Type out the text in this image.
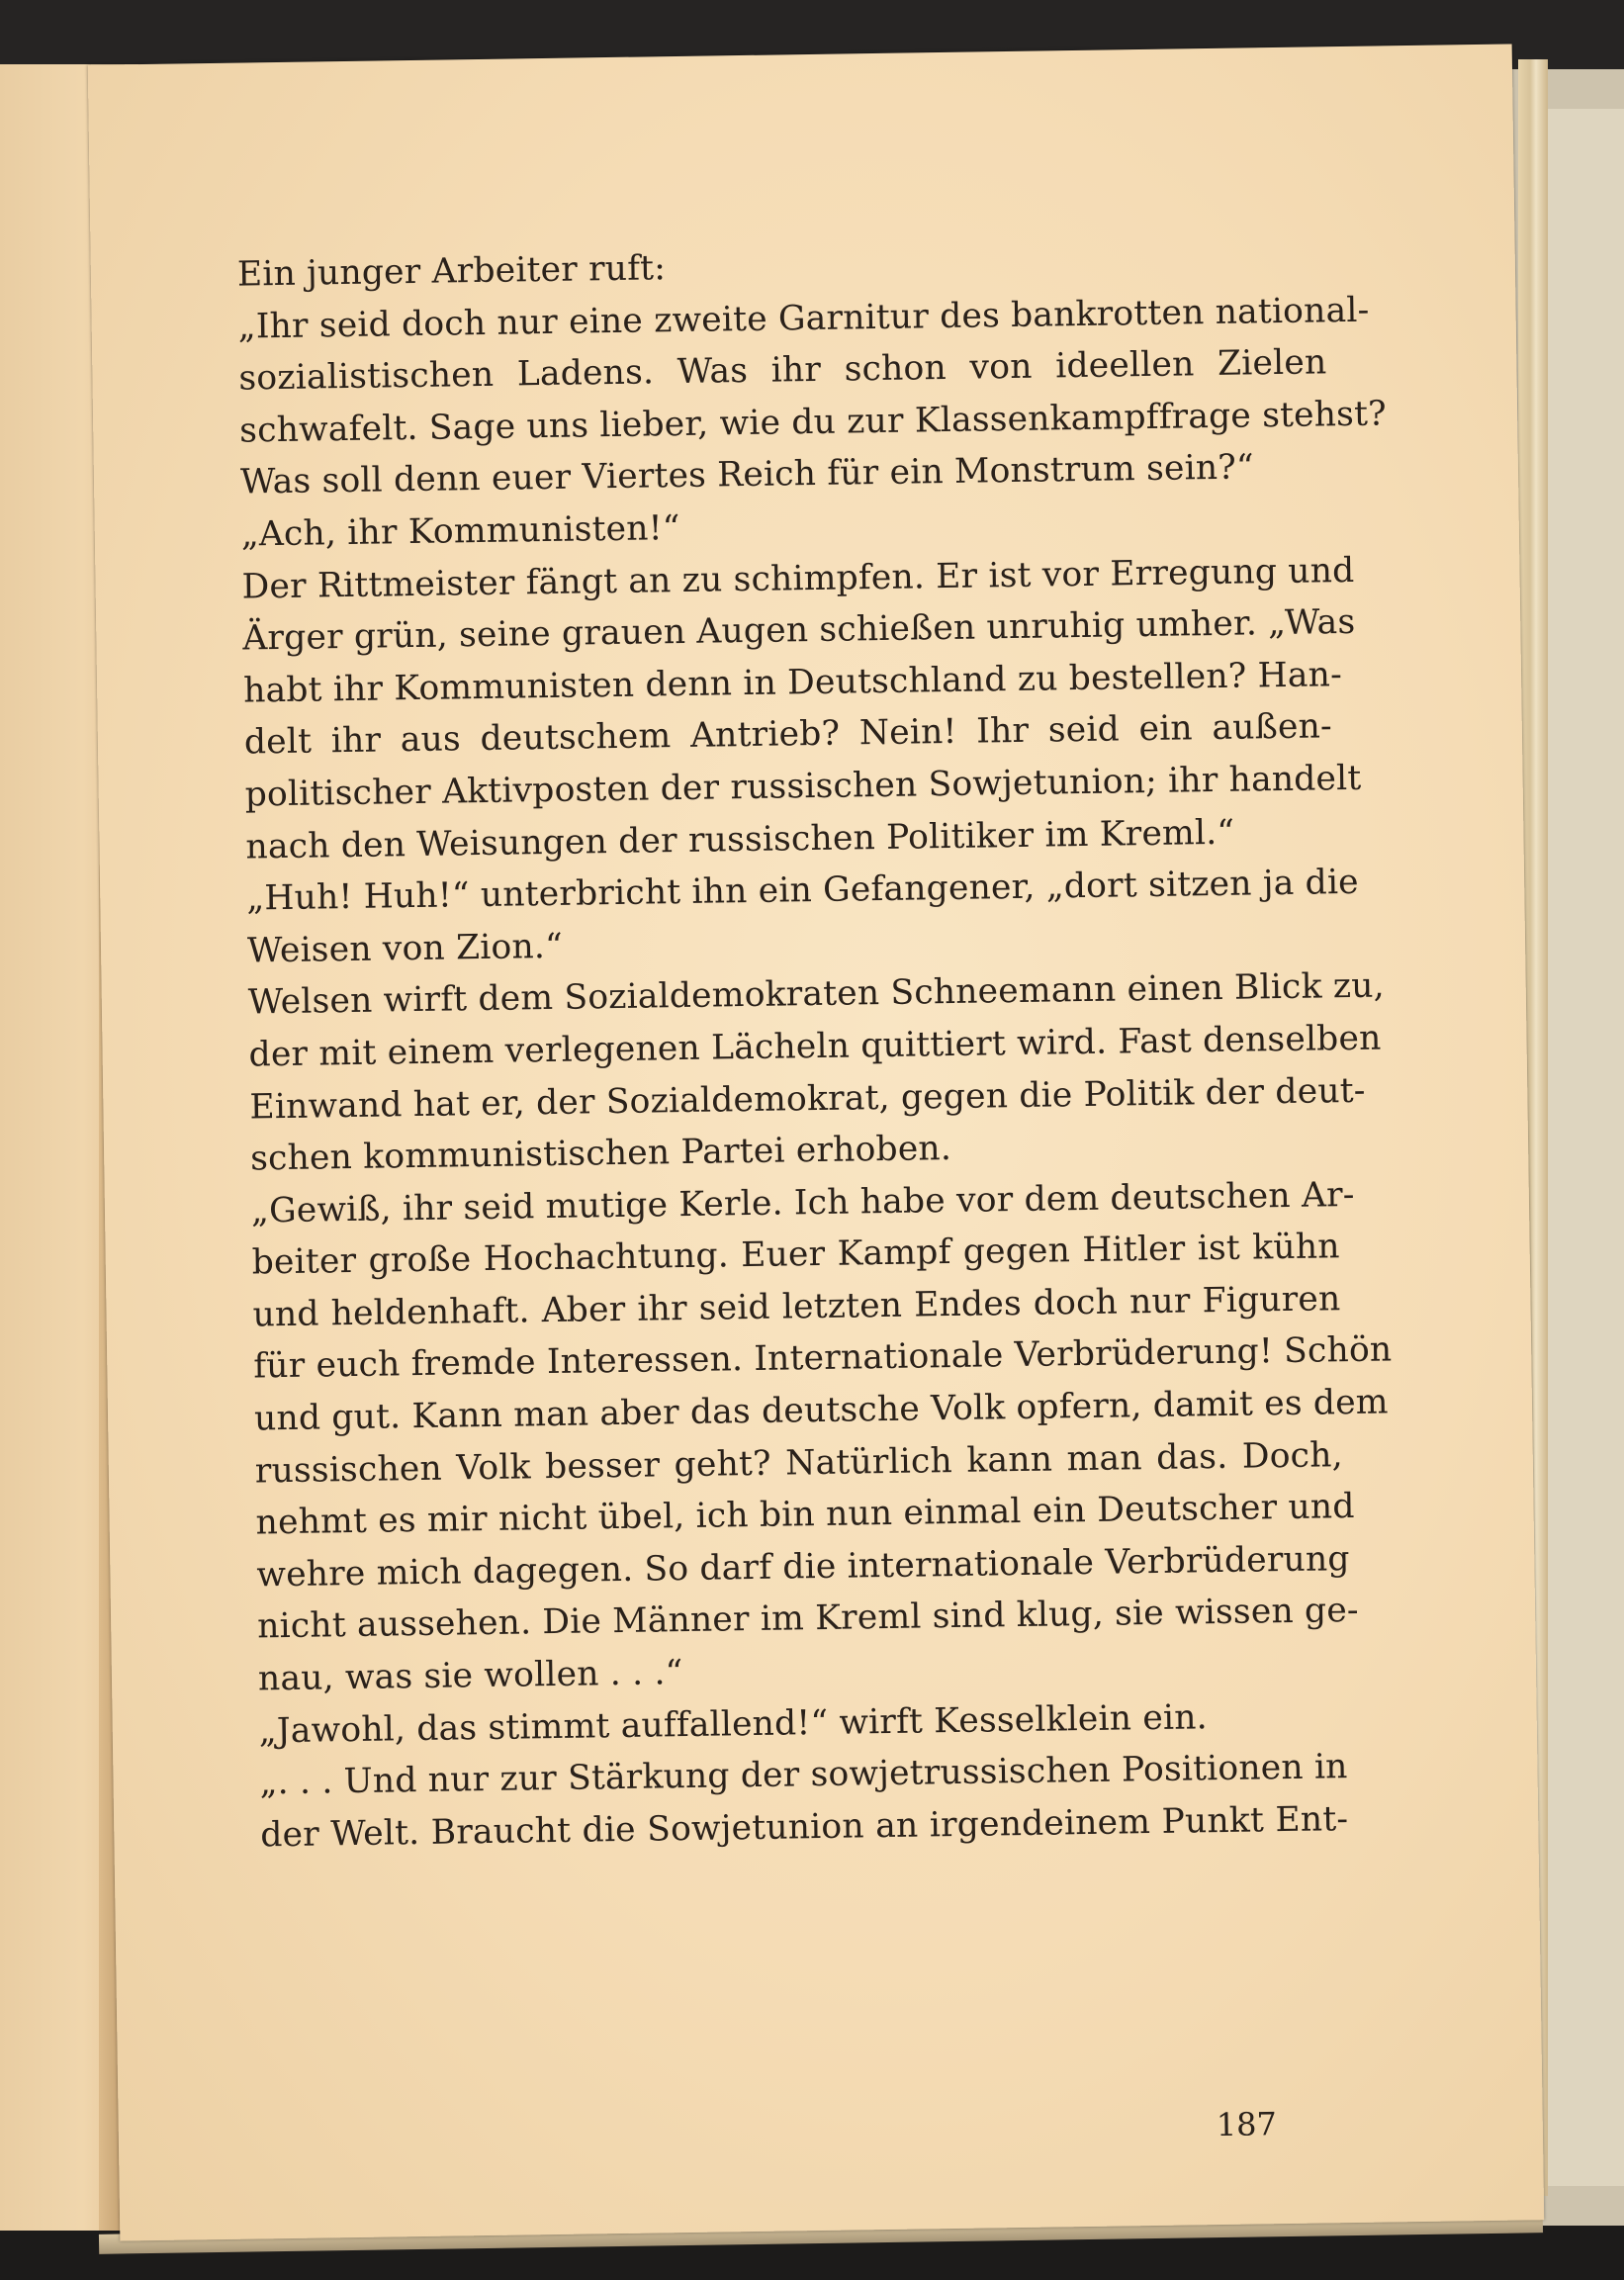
Ein junger Arbeiter ruft:
„Ihr seid doch nur eine zweite Garnitur des bankrotten national-
sozialistischen Ladens. Was ihr schon von ideellen Zielen
schwafelt. Sage uns lieber, wie du zur Klassenkampffrage stehst?
Was soll denn euer Viertes Reich für ein Monstrum sein?“
„Ach, ihr Kommunisten!“
Der Rittmeister fängt an zu schimpfen. Er ist vor Erregung und
Ärger grün, seine grauen Augen schießen unruhig umher. „Was
habt ihr Kommunisten denn in Deutschland zu bestellen? Han-
delt ihr aus deutschem Antrieb? Nein! Ihr seid ein außen-
politischer Aktivposten der russischen Sowjetunion; ihr handelt
nach den Weisungen der russischen Politiker im Kreml.“
„Huh! Huh!“ unterbricht ihn ein Gefangener, „dort sitzen ja die
Weisen von Zion.“
Welsen wirft dem Sozialdemokraten Schneemann einen Blick zu,
der mit einem verlegenen Lächeln quittiert wird. Fast denselben
Einwand hat er, der Sozialdemokrat, gegen die Politik der deut-
schen kommunistischen Partei erhoben.
„Gewiß, ihr seid mutige Kerle. Ich habe vor dem deutschen Ar-
beiter große Hochachtung. Euer Kampf gegen Hitler ist kühn
und heldenhaft. Aber ihr seid letzten Endes doch nur Figuren
für euch fremde Interessen. Internationale Verbrüderung! Schön
und gut. Kann man aber das deutsche Volk opfern, damit es dem
russischen Volk besser geht? Natürlich kann man das. Doch,
nehmt es mir nicht übel, ich bin nun einmal ein Deutscher und
wehre mich dagegen. So darf die internationale Verbrüderung
nicht aussehen. Die Männer im Kreml sind klug, sie wissen ge-
nau, was sie wollen . . .“
„Jawohl, das stimmt auffallend!“ wirft Kesselklein ein.
„. . . Und nur zur Stärkung der sowjetrussischen Positionen in
der Welt. Braucht die Sowjetunion an irgendeinem Punkt Ent-
187
